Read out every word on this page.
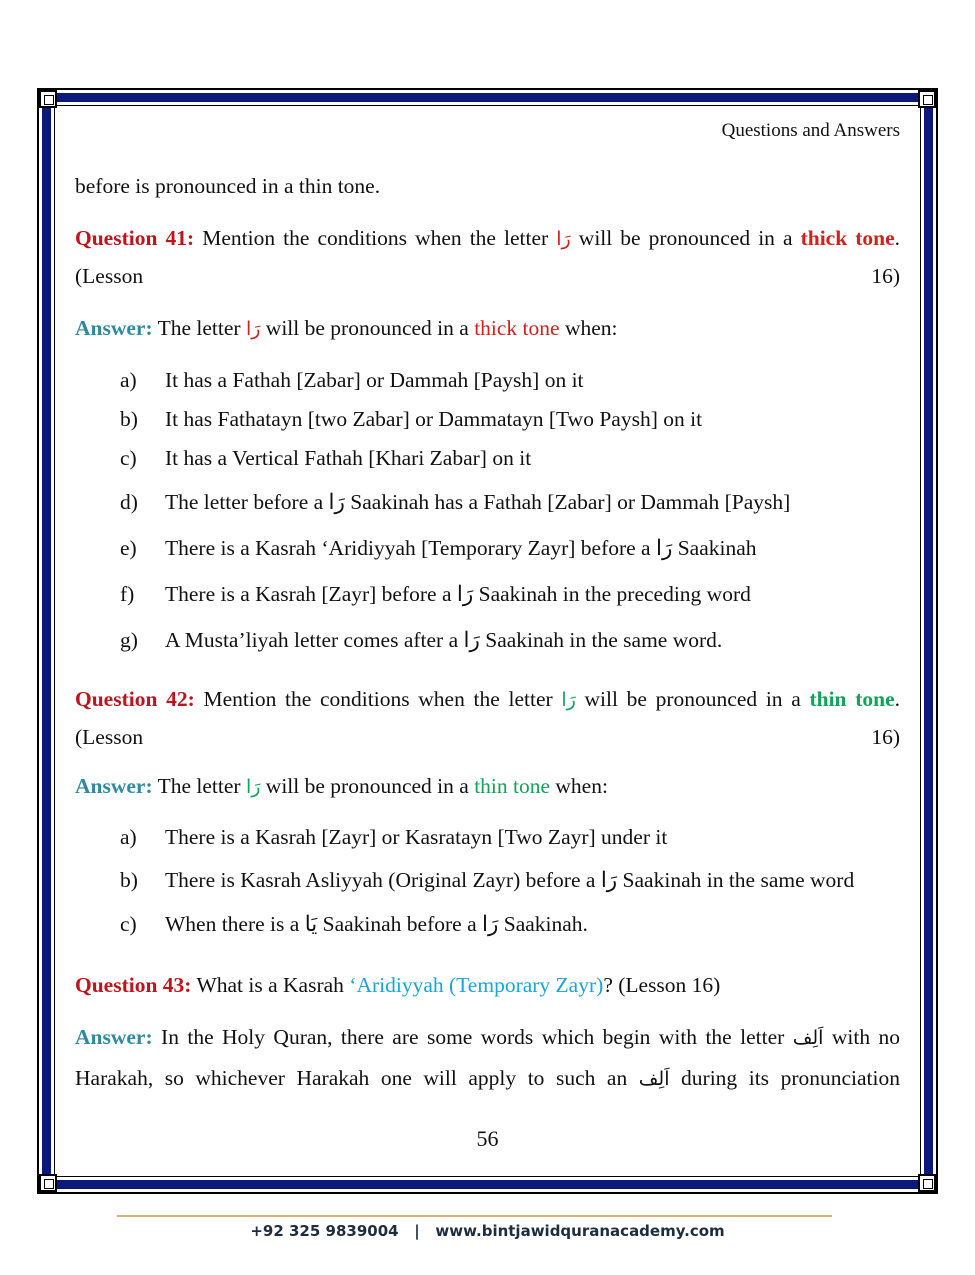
Questions and Answers

before is pronounced in a thin tone.

Question 41: Mention the conditions when the letter رَا will be pronounced in a thick tone. (Lesson 16)

Answer: The letter رَا will be pronounced in a thick tone when:

a)	It has a Fathah [Zabar] or Dammah [Paysh] on it
b)	It has Fathatayn [two Zabar] or Dammatayn [Two Paysh] on it
c)	It has a Vertical Fathah [Khari Zabar] on it
d)	The letter before a رَا Saakinah has a Fathah [Zabar] or Dammah [Paysh]
e)	There is a Kasrah ‘Aridiyyah [Temporary Zayr] before a رَا Saakinah
f)	There is a Kasrah [Zayr] before a رَا Saakinah in the preceding word
g)	A Musta’liyah letter comes after a رَا Saakinah in the same word.

Question 42: Mention the conditions when the letter رَا will be pronounced in a thin tone. (Lesson 16)

Answer: The letter رَا will be pronounced in a thin tone when:

a)	There is a Kasrah [Zayr] or Kasratayn [Two Zayr] under it
b)	There is Kasrah Asliyyah (Original Zayr) before a رَا Saakinah in the same word
c)	When there is a يَا Saakinah before a رَا Saakinah.

Question 43: What is a Kasrah ‘Aridiyyah (Temporary Zayr)? (Lesson 16)

Answer: In the Holy Quran, there are some words which begin with the letter اَلِف with no

Harakah, so whichever Harakah one will apply to such an اَلِف during its pronunciation

56
+92 325 9839004   |   www.bintjawidquranacademy.com
